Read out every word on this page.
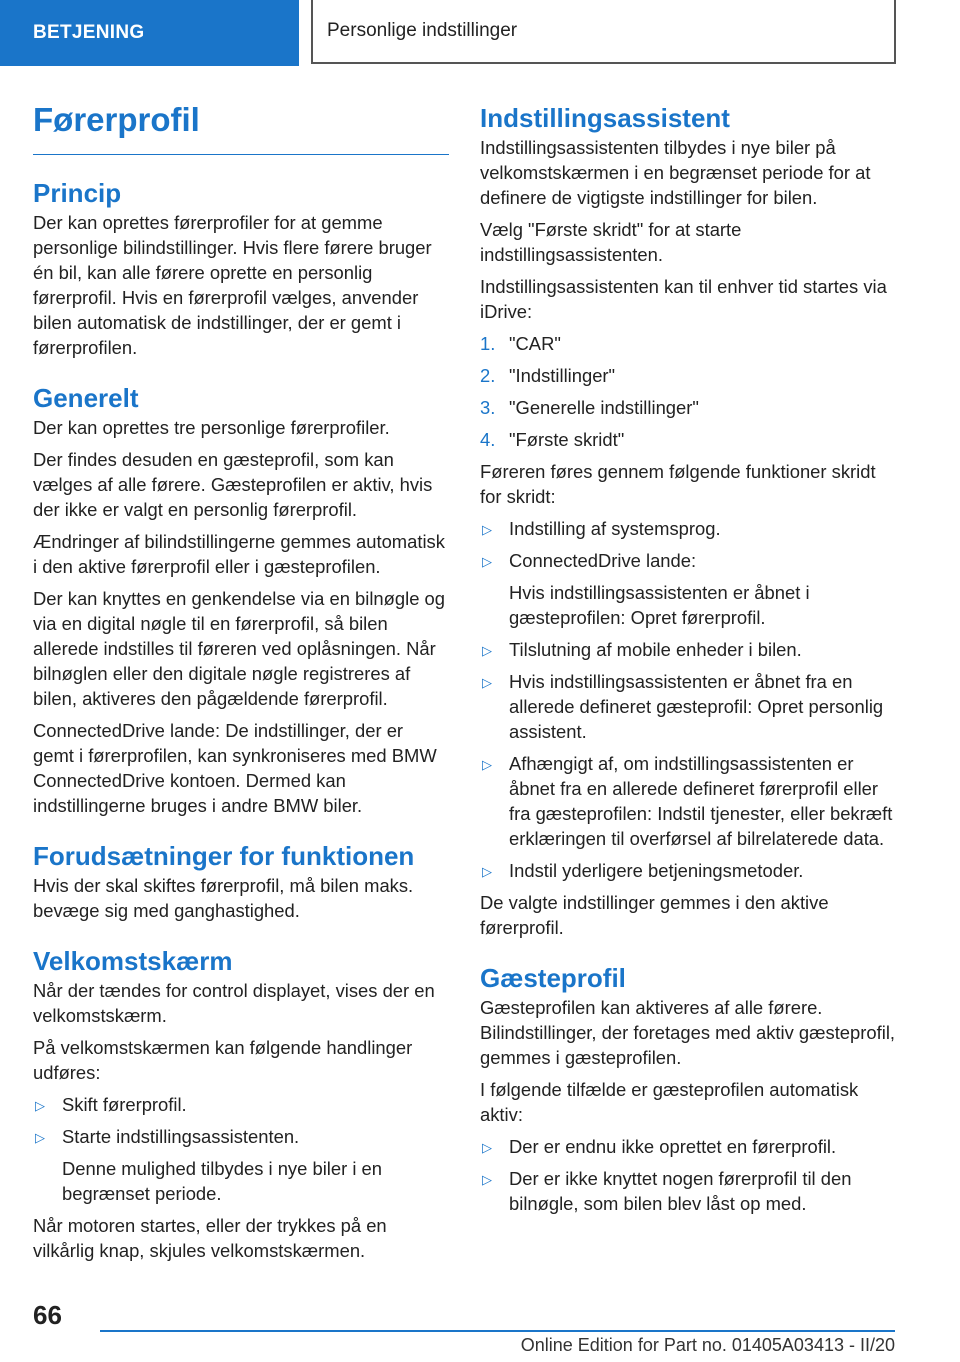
BETJENING	Personlige indstillinger
Førerprofil
Princip

Der kan oprettes førerprofiler for at gemme personlige bilindstillinger. Hvis flere førere bruger én bil, kan alle førere oprette en personlig førerprofil. Hvis en førerprofil vælges, anvender bilen automatisk de indstillinger, der er gemt i førerprofilen.

Generelt

Der kan oprettes tre personlige førerprofiler.

Der findes desuden en gæsteprofil, som kan vælges af alle førere. Gæsteprofilen er aktiv, hvis der ikke er valgt en personlig førerprofil.

Ændringer af bilindstillingerne gemmes automatisk i den aktive førerprofil eller i gæsteprofilen.

Der kan knyttes en genkendelse via en bilnøgle og via en digital nøgle til en førerprofil, så bilen allerede indstilles til føreren ved oplåsningen. Når bilnøglen eller den digitale nøgle registreres af bilen, aktiveres den pågældende førerprofil.

ConnectedDrive lande: De indstillinger, der er gemt i førerprofilen, kan synkroniseres med BMW ConnectedDrive kontoen. Dermed kan indstillingerne bruges i andre BMW biler.

Forudsætninger for funktionen

Hvis der skal skiftes førerprofil, må bilen maks. bevæge sig med ganghastighed.

Velkomstskærm

Når der tændes for control displayet, vises der en velkomstskærm.

På velkomstskærmen kan følgende handlinger udføres:

▷ Skift førerprofil.
▷ Starte indstillingsassistenten.

Denne mulighed tilbydes i nye biler i en begrænset periode.

Når motoren startes, eller der trykkes på en vilkårlig knap, skjules velkomstskærmen.

Indstillingsassistent

Indstillingsassistenten tilbydes i nye biler på velkomstskærmen i en begrænset periode for at definere de vigtigste indstillinger for bilen.

Vælg "Første skridt" for at starte indstillingsassistenten.

Indstillingsassistenten kan til enhver tid startes via iDrive:

1. "CAR"
2. "Indstillinger"
3. "Generelle indstillinger"
4. "Første skridt"

Føreren føres gennem følgende funktioner skridt for skridt:

▷ Indstilling af systemsprog.
▷ ConnectedDrive lande:

Hvis indstillingsassistenten er åbnet i gæsteprofilen: Opret førerprofil.

▷ Tilslutning af mobile enheder i bilen.
▷ Hvis indstillingsassistenten er åbnet fra en allerede defineret gæsteprofil: Opret personlig assistent.
▷ Afhængigt af, om indstillingsassistenten er åbnet fra en allerede defineret førerprofil eller fra gæsteprofilen: Indstil tjenester, eller bekræft erklæringen til overførsel af bilrelaterede data.
▷ Indstil yderligere betjeningsmetoder.

De valgte indstillinger gemmes i den aktive førerprofil.

Gæsteprofil

Gæsteprofilen kan aktiveres af alle førere. Bilindstillinger, der foretages med aktiv gæsteprofil, gemmes i gæsteprofilen.

I følgende tilfælde er gæsteprofilen automatisk aktiv:

▷ Der er endnu ikke oprettet en førerprofil.
▷ Der er ikke knyttet nogen førerprofil til den bilnøgle, som bilen blev låst op med.
66
Online Edition for Part no. 01405A03413 - II/20
